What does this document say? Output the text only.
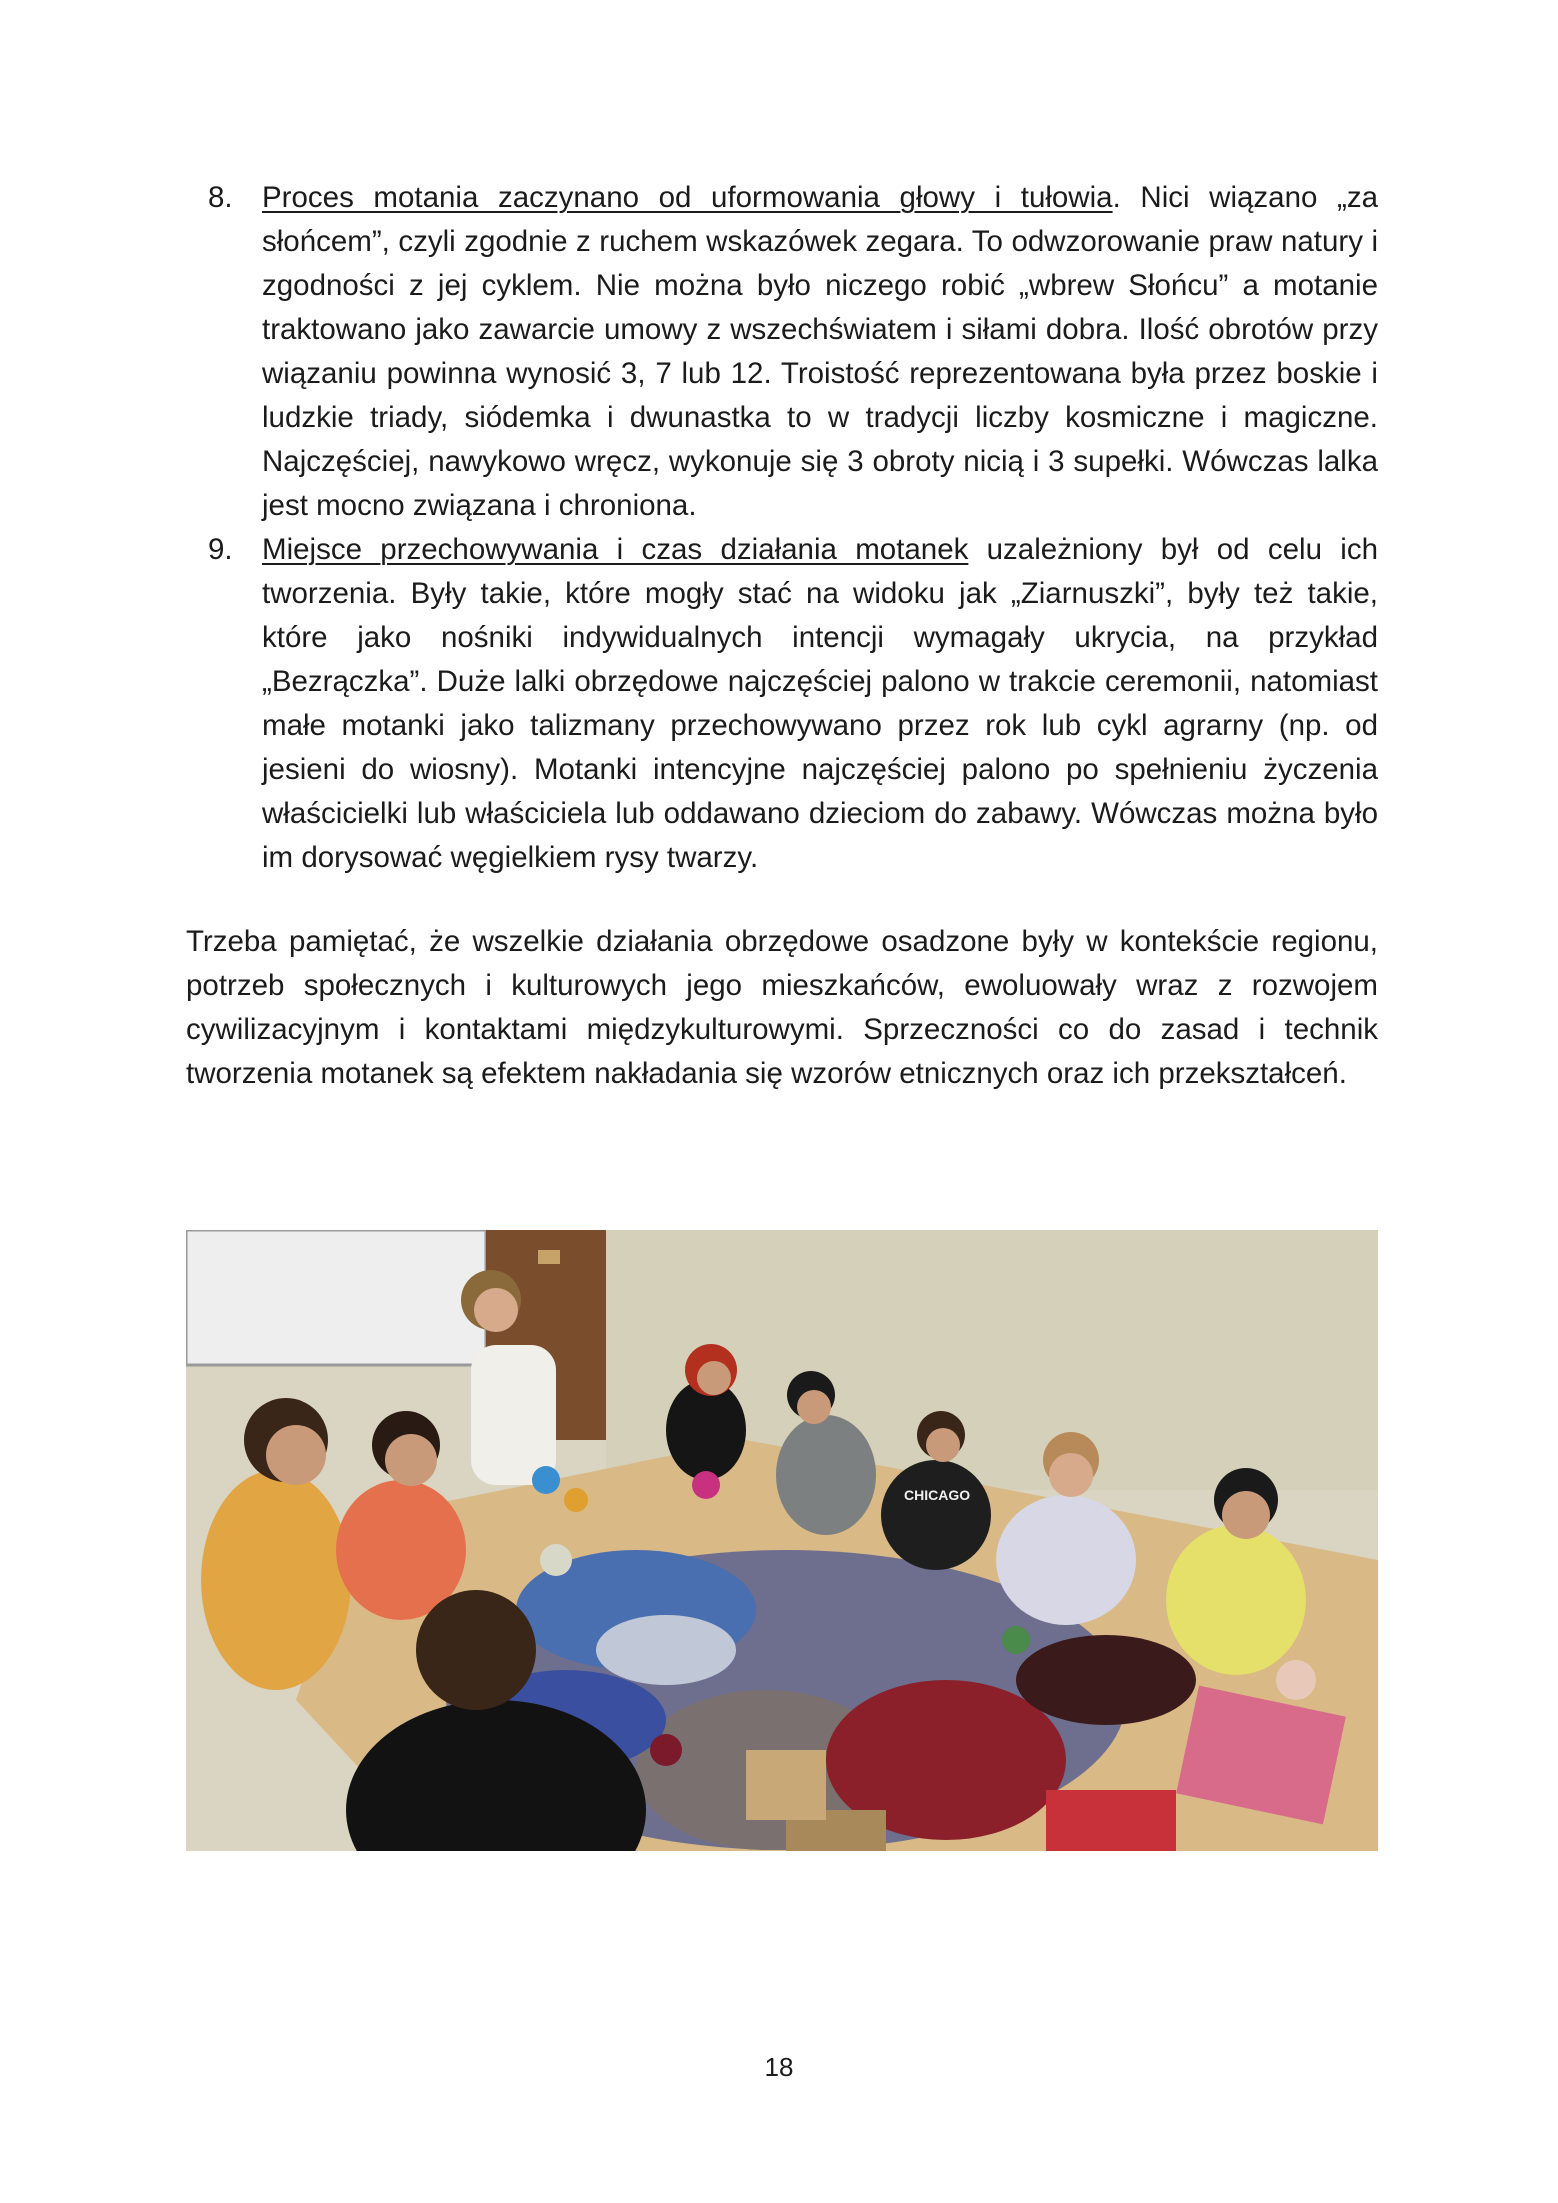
8. Proces motania zaczynano od uformowania głowy i tułowia. Nici wiązano „za słońcem”, czyli zgodnie z ruchem wskazówek zegara. To odwzorowanie praw natury i zgodności z jej cyklem. Nie można było niczego robić „wbrew Słońcu” a motanie traktowano jako zawarcie umowy z wszechświatem i siłami dobra. Ilość obrotów przy wiązaniu powinna wynosić 3, 7 lub 12. Troistość reprezentowana była przez boskie i ludzkie triady, siódemka i dwunastka to w tradycji liczby kosmiczne i magiczne. Najczęściej, nawykowo wręcz, wykonuje się 3 obroty nicią i 3 supełki. Wówczas lalka jest mocno związana i chroniona.
9. Miejsce przechowywania i czas działania motanek uzależniony był od celu ich tworzenia. Były takie, które mogły stać na widoku jak „Ziarnuszki”, były też takie, które jako nośniki indywidualnych intencji wymagały ukrycia, na przykład „Bezrączka”. Duże lalki obrzędowe najczęściej palono w trakcie ceremonii, natomiast małe motanki jako talizmany przechowywano przez rok lub cykl agrarny (np. od jesieni do wiosny). Motanki intencyjne najczęściej palono po spełnieniu życzenia właścicielki lub właściciela lub oddawano dzieciom do zabawy. Wówczas można było im dorysować węgielkiem rysy twarzy.

Trzeba pamiętać, że wszelkie działania obrzędowe osadzone były w kontekście regionu, potrzeb społecznych i kulturowych jego mieszkańców, ewoluowały wraz z rozwojem cywilizacyjnym i kontaktami międzykulturowymi. Sprzeczności co do zasad i technik tworzenia motanek są efektem nakładania się wzorów etnicznych oraz ich przekształceń.

CHICAGO
18
